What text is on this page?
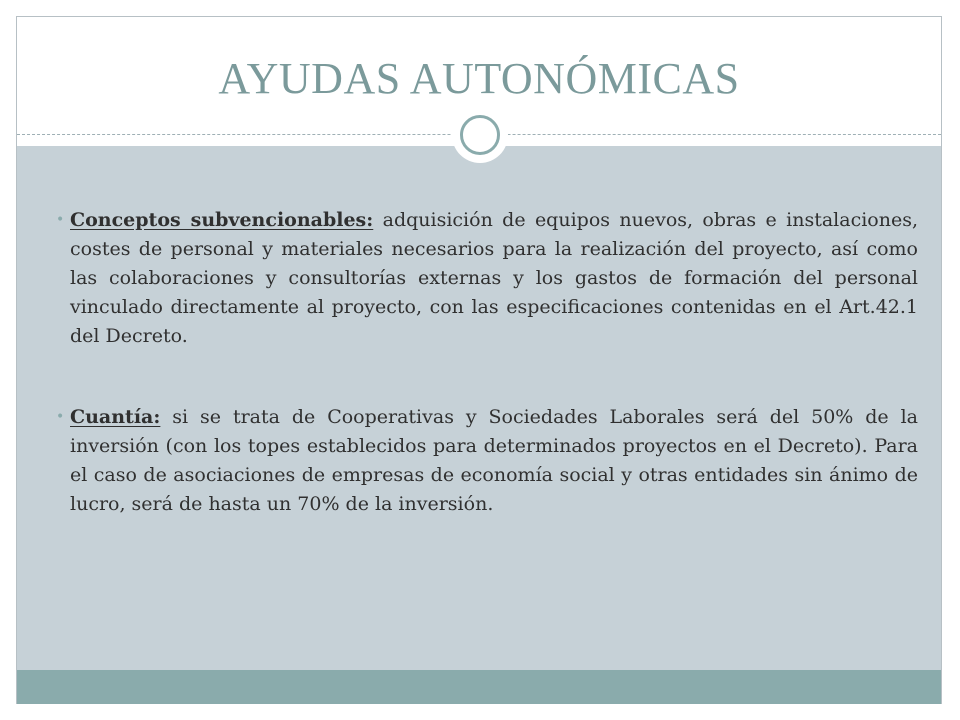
AYUDAS AUTONÓMICAS
• Conceptos subvencionables: adquisición de equipos nuevos, obras e instalaciones, costes de personal y materiales necesarios para la realización del proyecto, así como las colaboraciones y consultorías externas y los gastos de formación del personal vinculado directamente al proyecto, con las especificaciones contenidas en el Art.42.1 del Decreto.
• Cuantía: si se trata de Cooperativas y Sociedades Laborales será del 50% de la inversión (con los topes establecidos para determinados proyectos en el Decreto). Para el caso de asociaciones de empresas de economía social y otras entidades sin ánimo de lucro, será de hasta un 70% de la inversión.
